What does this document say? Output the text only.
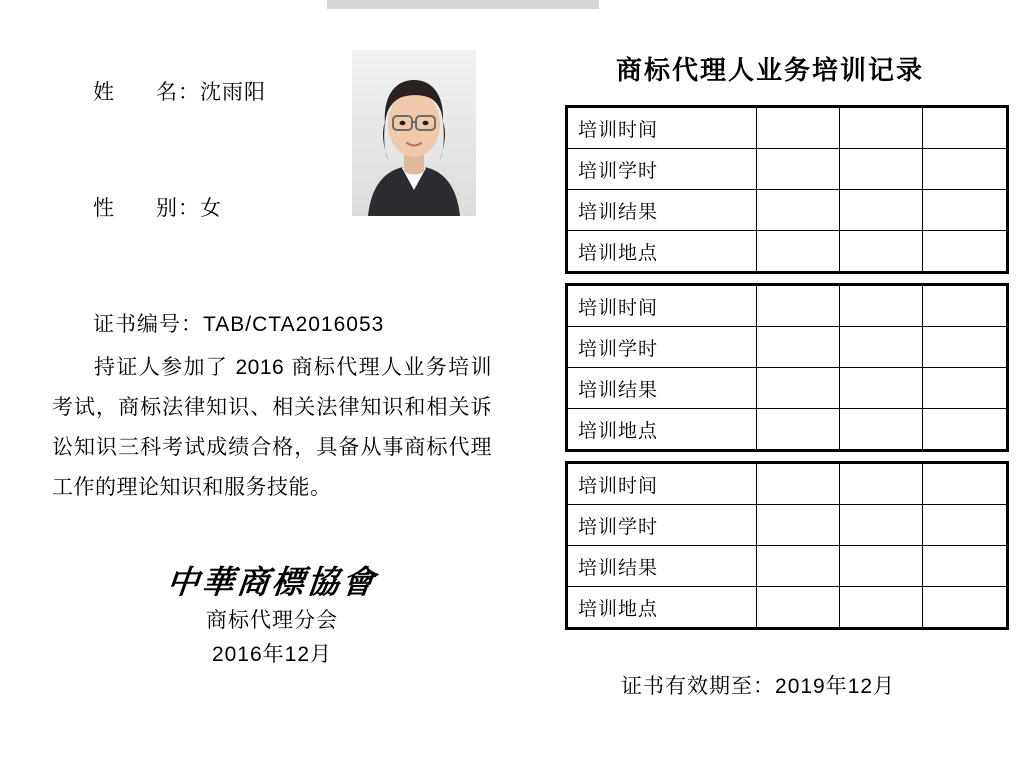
姓      名：沈雨阳

性      别：女

证书编号：TAB/CTA2016053

持证人参加了 2016 商标代理人业务培训考试，商标法律知识、相关法律知识和相关诉讼知识三科考试成绩合格，具备从事商标代理工作的理论知识和服务技能。
中華商標協會
商标代理分会
2016年12月
商标代理人业务培训记录
培训时间			
培训学时			
培训结果			
培训地点			
培训时间			
培训学时			
培训结果			
培训地点			
培训时间			
培训学时			
培训结果			
培训地点			

证书有效期至：2019年12月
